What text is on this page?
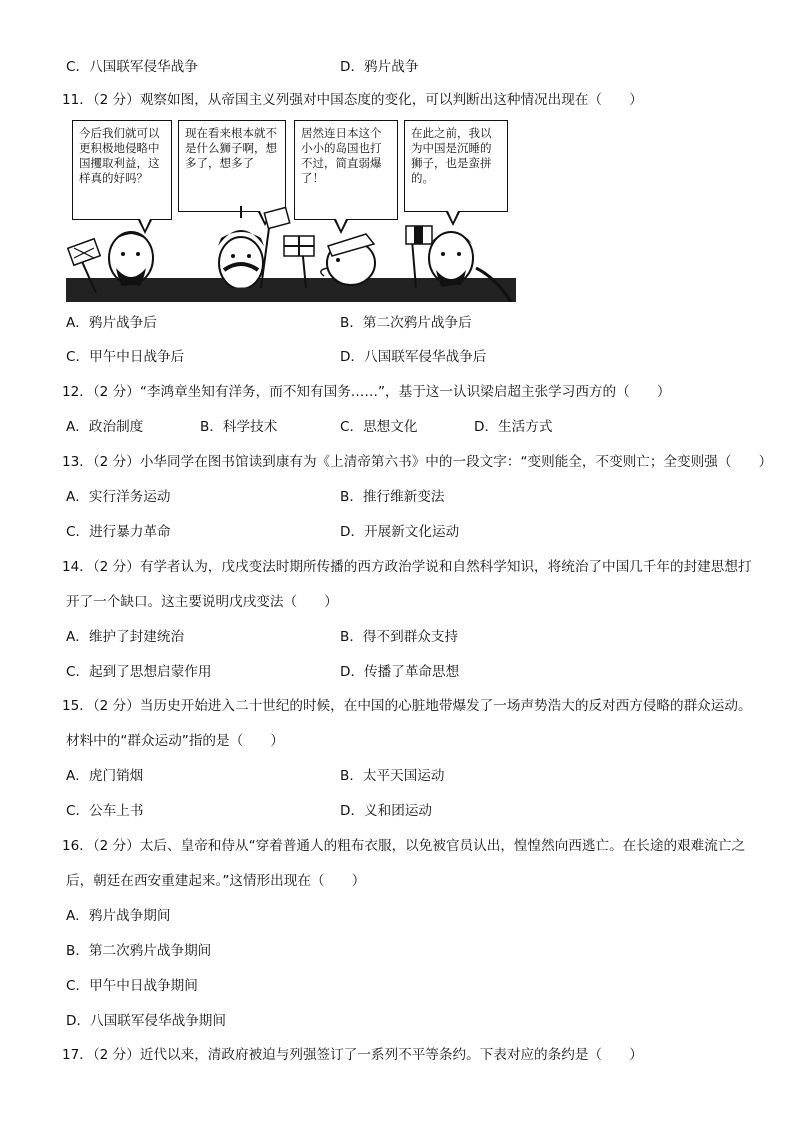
C．八国联军侵华战争	D．鸦片战争
11．（2 分）观察如图，从帝国主义列强对中国态度的变化，可以判断出这种情况出现在（　　）
今后我们就可以更积极地侵略中国攫取利益，这样真的好吗？
现在看来根本就不是什么狮子啊，想多了，想多了
居然连日本这个小小的岛国也打不过，简直弱爆了！
在此之前，我以为中国是沉睡的狮子，也是蛮拼的。
A．鸦片战争后	B．第二次鸦片战争后
C．甲午中日战争后	D．八国联军侵华战争后
12．（2 分）“李鸿章坐知有洋务，而不知有国务……”，基于这一认识梁启超主张学习西方的（　　）
A．政治制度	B．科学技术	C．思想文化	D．生活方式
13．（2 分）小华同学在图书馆读到康有为《上清帝第六书》中的一段文字：“变则能全，不变则亡；全变则强（　　）
A．实行洋务运动	B．推行维新变法
C．进行暴力革命	D．开展新文化运动
14．（2 分）有学者认为，戊戌变法时期所传播的西方政治学说和自然科学知识，将统治了中国几千年的封建思想打
开了一个缺口。这主要说明戊戌变法（　　）
A．维护了封建统治	B．得不到群众支持
C．起到了思想启蒙作用	D．传播了革命思想
15．（2 分）当历史开始进入二十世纪的时候，在中国的心脏地带爆发了一场声势浩大的反对西方侵略的群众运动。
材料中的“群众运动”指的是（　　）
A．虎门销烟	B．太平天国运动
C．公车上书	D．义和团运动
16．（2 分）太后、皇帝和侍从“穿着普通人的粗布衣服，以免被官员认出，惶惶然向西逃亡。在长途的艰难流亡之
后，朝廷在西安重建起来。”这情形出现在（　　）
A．鸦片战争期间
B．第二次鸦片战争期间
C．甲午中日战争期间
D．八国联军侵华战争期间
17．（2 分）近代以来，清政府被迫与列强签订了一系列不平等条约。下表对应的条约是（　　）
